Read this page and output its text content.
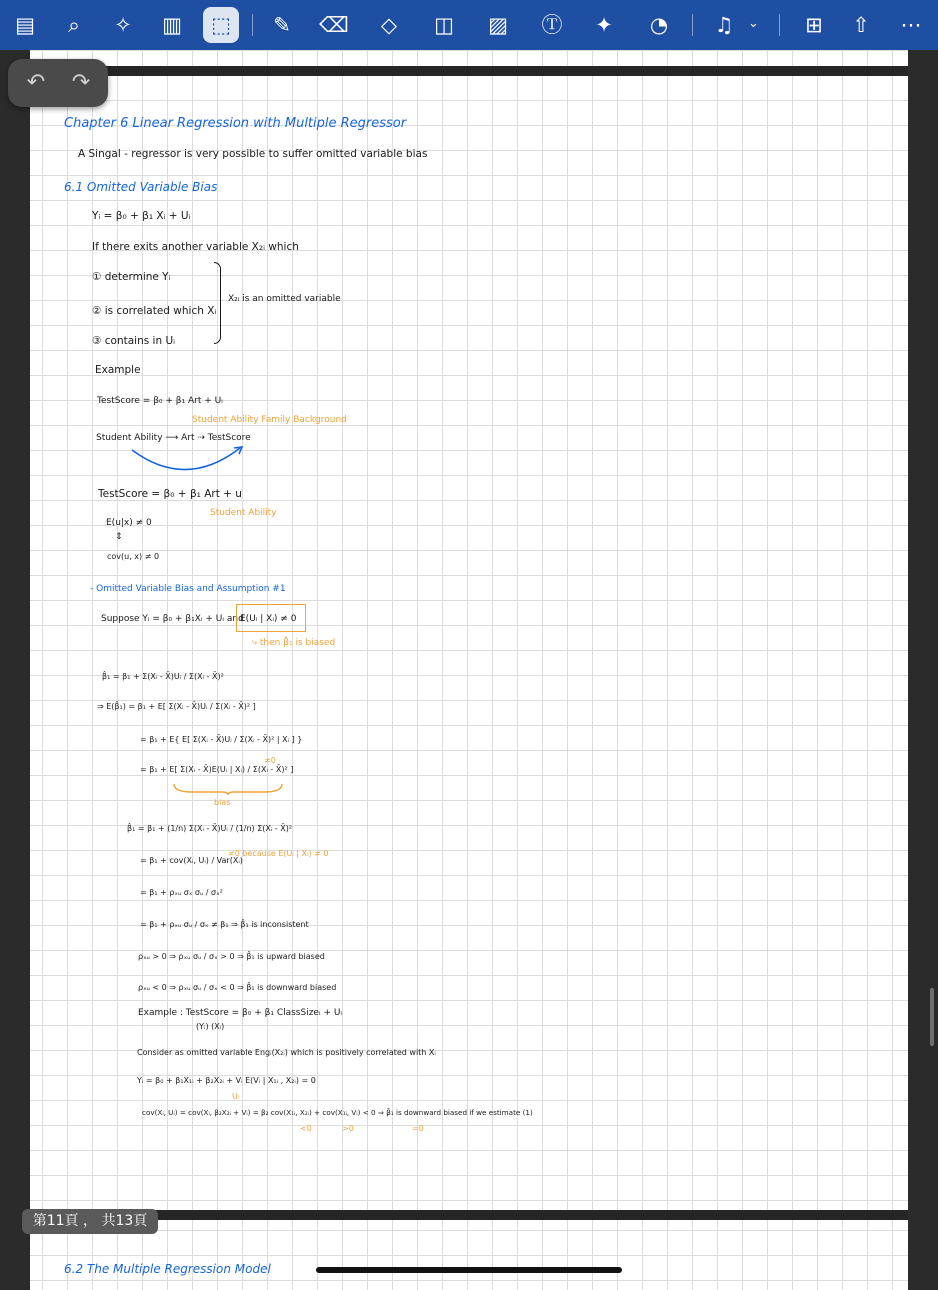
▤	⌕	✧	▥	⬚	✎	⌫	◇	◫	▨	Ⓣ	✦	◔	♫	⌄	⊞	⇧	⋯
↶	↷
Chapter 6 Linear Regression with Multiple Regressor
A Singal - regressor is very possible to suffer omitted variable bias
6.1 Omitted Variable Bias
Yᵢ = β₀ + β₁ Xᵢ + Uᵢ
If there exits another variable X₂ᵢ which
① determine Yᵢ
② is correlated which Xᵢ
③ contains in Uᵢ
X₂ᵢ is an omitted variable
Example
TestScore = β₀ + β₁ Art + Uᵢ
Student Ability Family Background
Student Ability ⟶ Art ⇢ TestScore
TestScore = β₀ + β₁ Art + u
Student Ability
E(u|x) ≠ 0
⇕
cov(u, x) ≠ 0
- Omitted Variable Bias and Assumption #1
Suppose Yᵢ = β₀ + β₁Xᵢ + Uᵢ and
E(Uᵢ | Xᵢ) ≠ 0
⤷ then β̂₁ is biased
β̂₁ = β₁ + Σ(Xᵢ - X̄)Uᵢ / Σ(Xᵢ - X̄)²
⇒ E(β̂₁) = β₁ + E[ Σ(Xᵢ - X̄)Uᵢ / Σ(Xᵢ - X̄)² ]
= β₁ + E{ E[ Σ(Xᵢ - X̄)Uᵢ / Σ(Xᵢ - X̄)² | Xᵢ ] }
= β₁ + E[ Σ(Xᵢ - X̄)E(Uᵢ | Xᵢ) / Σ(Xᵢ - X̄)² ]
≠0
bias
β̂₁ = β₁ + (1/n) Σ(Xᵢ - X̄)Uᵢ / (1/n) Σ(Xᵢ - X̄)²
= β₁ + cov(Xᵢ, Uᵢ) / Var(Xᵢ)
≠0 because E(Uᵢ | Xᵢ) ≠ 0
= β₁ + ρₓᵤ σₓ σᵤ / σₓ²
= β₁ + ρₓᵤ σᵤ / σₓ ≠ β₁ ⇒ β̂₁ is inconsistent
ρₓᵤ > 0 ⇒ ρₓᵤ σᵤ / σₓ > 0 ⇒ β̂₁ is upward biased
ρₓᵤ < 0 ⇒ ρₓᵤ σᵤ / σₓ < 0 ⇒ β̂₁ is downward biased
Example : TestScore = β₀ + β₁ ClassSizeᵢ + Uᵢ
(Yᵢ) (Xᵢ)
Consider as omitted variable Engᵢ(X₂ᵢ) which is positively correlated with Xᵢ
Yᵢ = β₀ + β₁X₁ᵢ + β₂X₂ᵢ + Vᵢ E(Vᵢ | X₁ᵢ , X₂ᵢ) = 0
Uᵢ
cov(Xᵢ, Uᵢ) = cov(Xᵢ, β₂X₂ᵢ + Vᵢ) = β₂ cov(X₁ᵢ, X₂ᵢ) + cov(X₁ᵢ, Vᵢ) < 0 ⇒ β̂₁ is downward biased if we estimate (1)
<0	>0	=0
6.2 The Multiple Regression Model
第11頁 ， 共13頁
